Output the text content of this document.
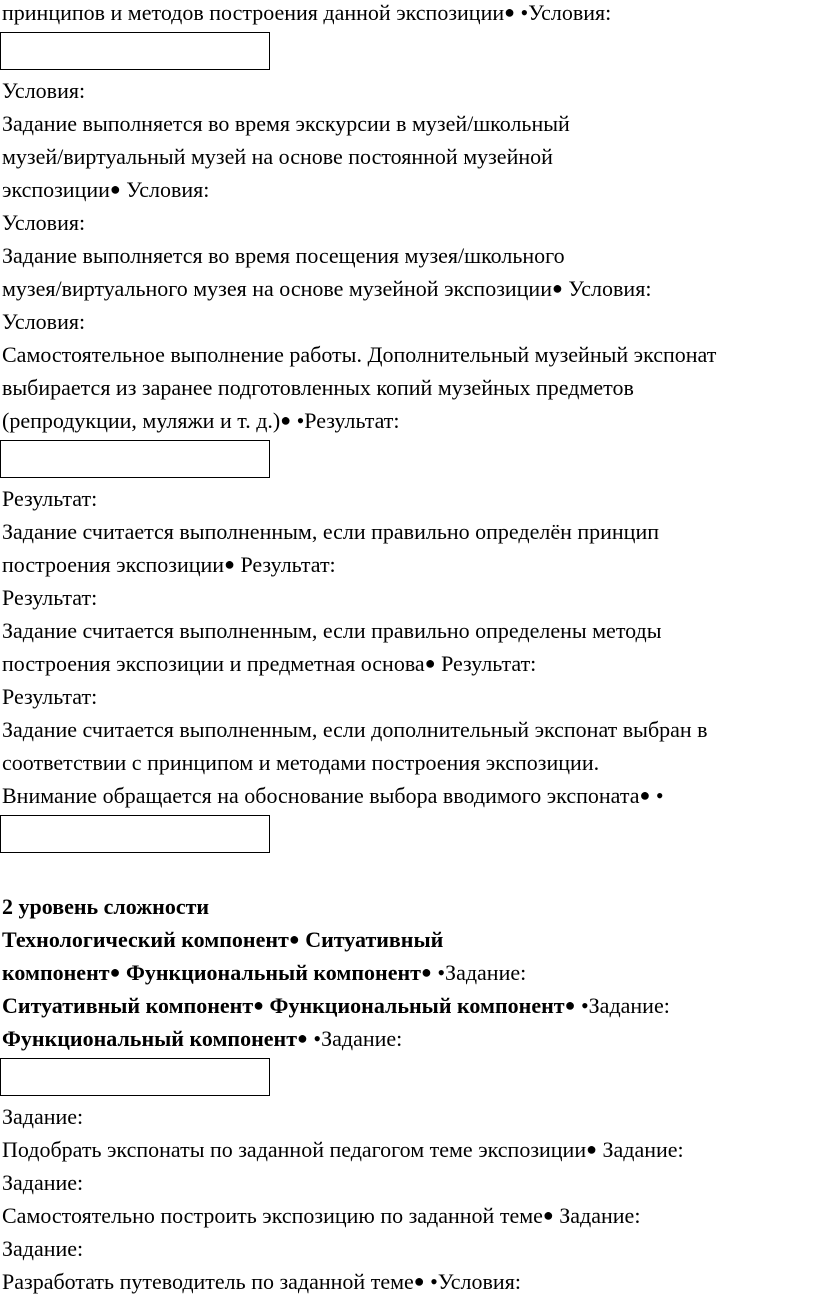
принципов и методов построения данной экспозиции● •Условия:
Условия:
Задание выполняется во время экскурсии в музей/школьный
музей/виртуальный музей на основе постоянной музейной
экспозиции● Условия:
Условия:
Задание выполняется во время посещения музея/школьного
музея/виртуального музея на основе музейной экспозиции● Условия:
Условия:
Самостоятельное выполнение работы. Дополнительный музейный экспонат
выбирается из заранее подготовленных копий музейных предметов
(репродукции, муляжи и т. д.)● •Результат:
Результат:
Задание считается выполненным, если правильно определён принцип
построения экспозиции● Результат:
Результат:
Задание считается выполненным, если правильно определены методы
построения экспозиции и предметная основа● Результат:
Результат:
Задание считается выполненным, если дополнительный экспонат выбран в
соответствии с принципом и методами построения экспозиции.
Внимание обращается на обоснование выбора вводимого экспоната● •
2 уровень сложности
Технологический компонент● Ситуативный
компонент● Функциональный компонент● •Задание:
Ситуативный компонент● Функциональный компонент● •Задание:
Функциональный компонент● •Задание:
Задание:
Подобрать экспонаты по заданной педагогом теме экспозиции● Задание:
Задание:
Самостоятельно построить экспозицию по заданной теме● Задание:
Задание:
Разработать путеводитель по заданной теме● •Условия:
